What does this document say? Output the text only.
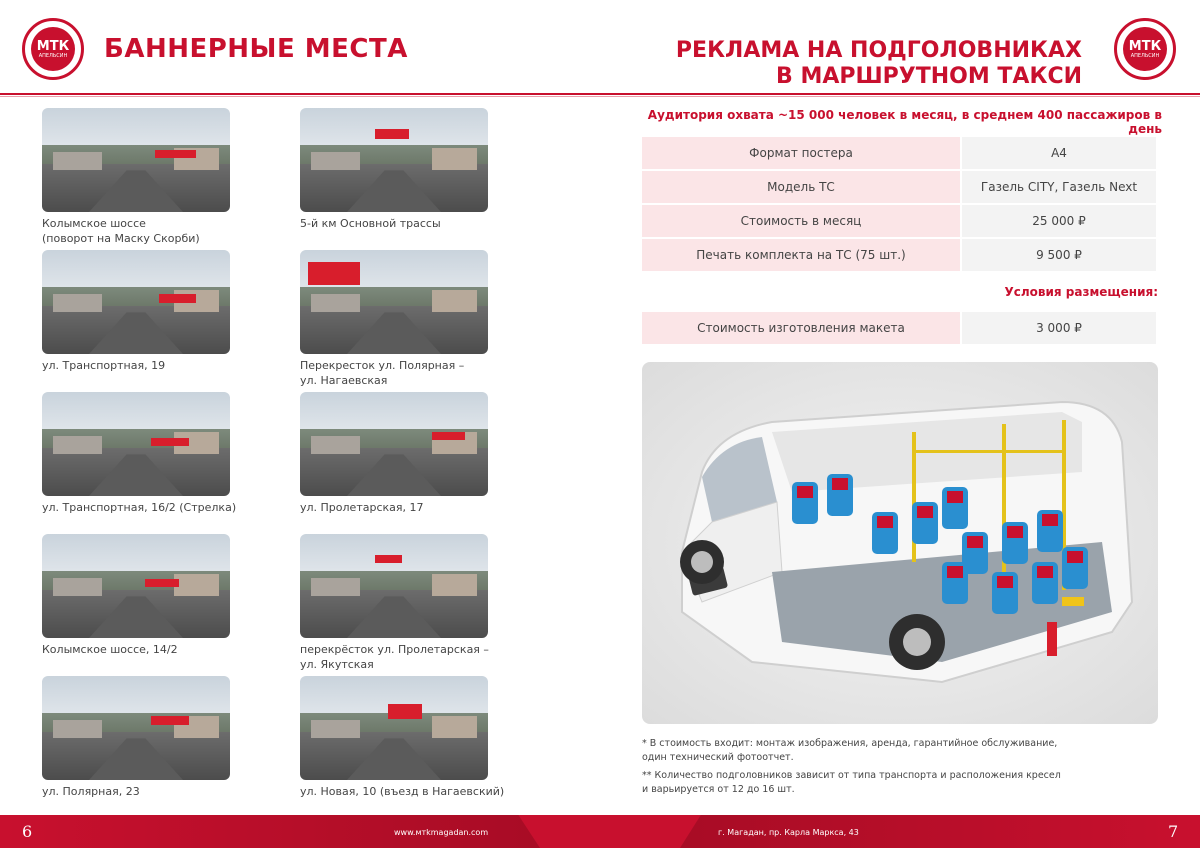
МТК
АПЕЛЬСИН
МТК
АПЕЛЬСИН
БАННЕРНЫЕ МЕСТА	РЕКЛАМА НА ПОДГОЛОВНИКАХ
В МАРШРУТНОМ ТАКСИ
Колымское шоссе
(поворот на Маску Скорби)
5-й км Основной трассы
ул. Транспортная, 19	Перекресток ул. Полярная –
ул. Нагаевская
ул. Транспортная, 16/2 (Стрелка)	ул. Пролетарская, 17
Колымское шоссе, 14/2	перекрёсток ул. Пролетарская –
ул. Якутская
ул. Полярная, 23	ул. Новая, 10 (въезд в Нагаевский)
Аудитория охвата ~15 000 человек в месяц, в среднем 400 пассажиров в день
Формат постера	А4
Модель ТС	Газель CITY, Газель Next
Стоимость в месяц	25 000 ₽
Печать комплекта на ТС (75 шт.)	9 500 ₽
Условия размещения:
Стоимость изготовления макета	3 000 ₽
* В стоимость входит: монтаж изображения, аренда, гарантийное обслуживание,
один технический фотоотчет.
** Количество подголовников зависит от типа транспорта и расположения кресел
и варьируется от 12 до 16 шт.
6	7
www.мтkmagadan.com	г. Магадан, пр. Карла Маркса, 43
